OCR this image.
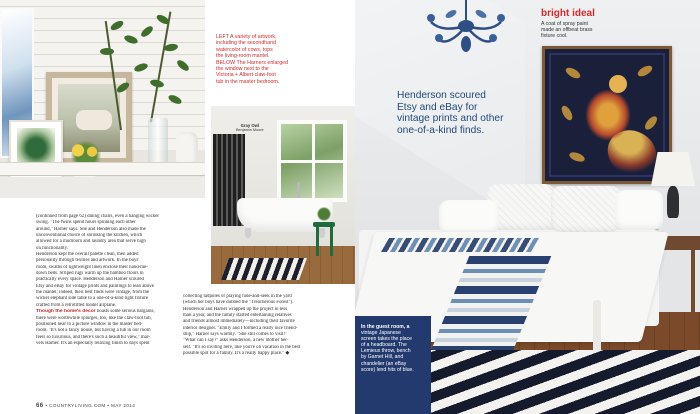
LEFT A variety of artwork,
including the secondhand
watercolor of cows, tops
the living-room mantel.
BELOW The Harners enlarged
the window next to the
Victoria + Albert claw-foot
tub in the master bedroom.
Gray Owl
Benjamin Moore
(continued from page 62) dining chairs, even a hanging wicker
swing. "The twins spend hours spinning each other
around," Harner says. She and Henderson also made the
unconventional choice of shrinking the kitchen, which
allowed for a mudroom and laundry area that serve high
on functionality.
Henderson kept the overall palette clean, then added
personality through textiles and artwork. In the boys'
room, swaths of lightweight linen enclose their hand-me-
down beds. Striped rugs warm up the bamboo floors in
practically every space. Henderson and Harner scoured
Etsy and eBay for vintage prints and paintings to lean above
the mantel; indeed, their best finds were vintage, from the
wicker elephant side table to a one-of-a-kind light fixture
crafted from a retrofitted model airplane.
Though the home's decor boasts some serious bargains,
there were worthwhile splurges, too, like the claw-foot tub,
positioned near to a picture window in the master bed-
room. "It's not a fancy house, but having a tub in our room
feels so luxurious, and there's such a beautiful view," mar-
vels Harner. It's an especially relaxing finish to days spent
collecting tadpoles or playing hide-and-seek in the yard
(which her boys have dubbed the "Treacherous Forest").
Henderson and Harner wrapped up the project in less
than a year, and the family started entertaining relatives
and friends almost immediately—including their favorite
interior designer. "Emily and I formed a really nice friend-
ship," Harner says warmly. "She still comes to visit!"
"What can I say?" asks Henderson, a new mother her-
self. "It's so inviting here, like you're on vacation in the best
possible spot for a family. It's a really happy place." ◆
66 • COUNTRYLIVING.COM • MAY 2014
bright ideal
A coat of spray paint
made an offbeat brass
fixture cool.
Henderson scoured
Etsy and eBay for
vintage prints and other
one-of-a-kind finds.
In the guest room, a
vintage Japanese
screen takes the place
of a headboard. The
Lemieux throw, bench
by Garnet Hill, and
chandelier (an eBay
score) lend hits of blue.
